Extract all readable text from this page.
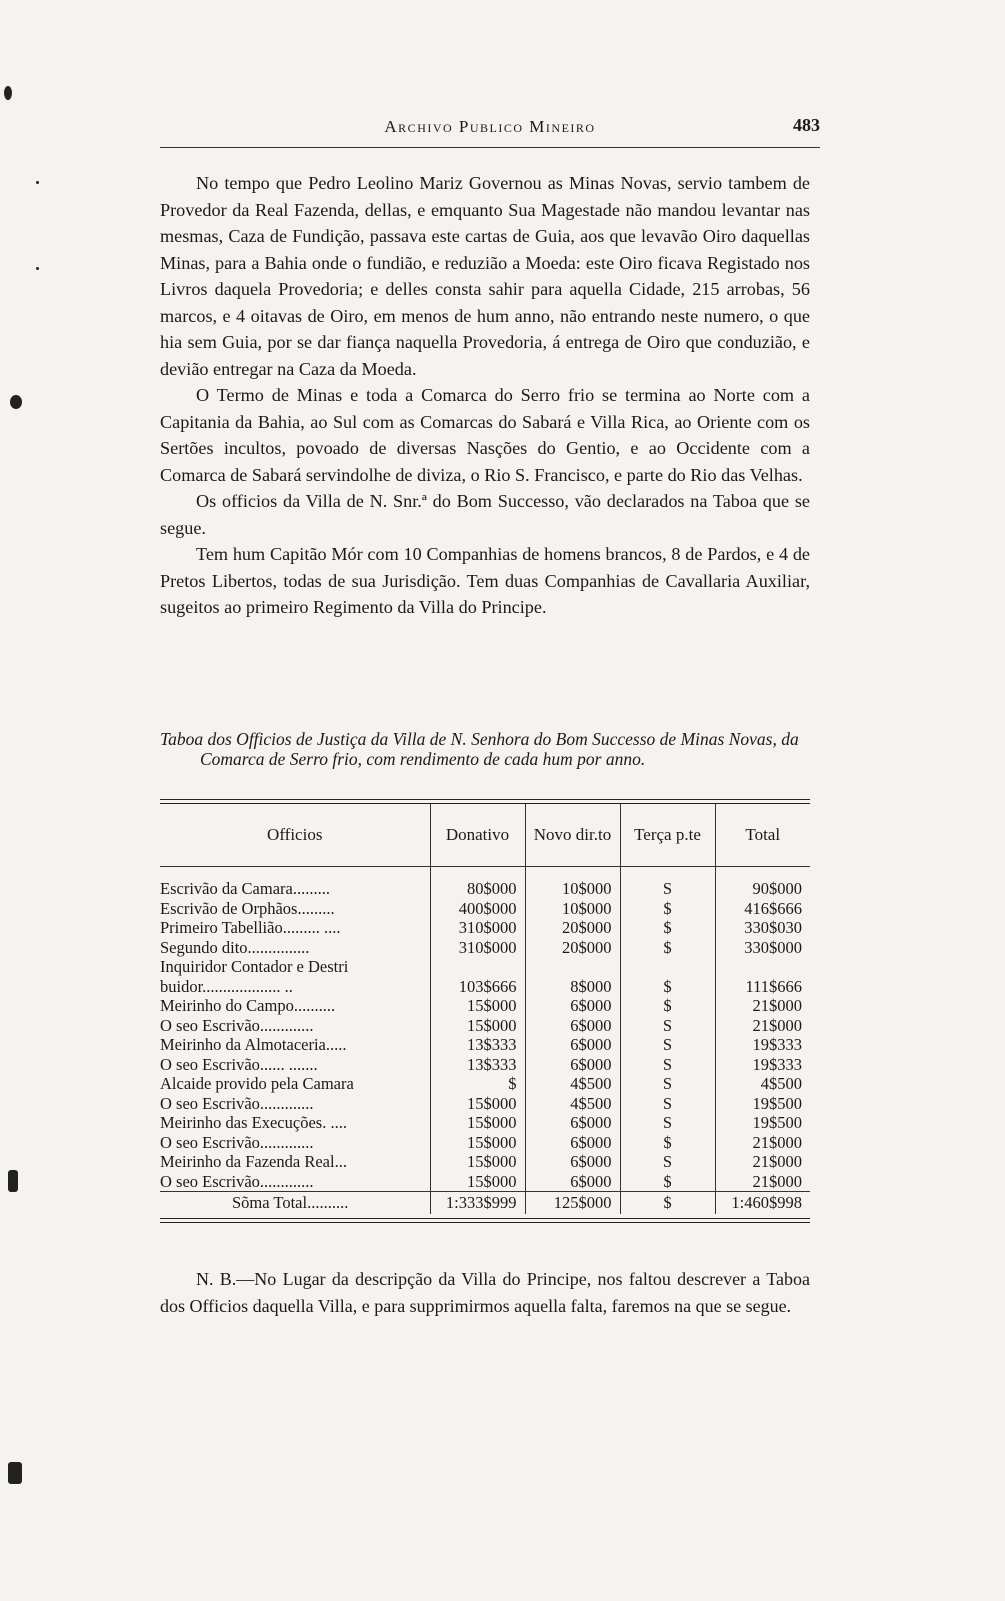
Archivo Publico Mineiro	483

No tempo que Pedro Leolino Mariz Governou as Minas Novas, servio tambem de Provedor da Real Fazenda, dellas, e emquanto Sua Magestade não mandou levantar nas mesmas, Caza de Fundição, passava este cartas de Guia, aos que levavão Oiro daquellas Minas, para a Bahia onde o fundião, e reduzião a Moeda: este Oiro ficava Registado nos Livros daquela Provedoria; e delles consta sahir para aquella Cidade, 215 arrobas, 56 marcos, e 4 oitavas de Oiro, em menos de hum anno, não entrando neste numero, o que hia sem Guia, por se dar fiança naquella Provedoria, á entrega de Oiro que conduzião, e devião entregar na Caza da Moeda.

O Termo de Minas e toda a Comarca do Serro frio se termina ao Norte com a Capitania da Bahia, ao Sul com as Comarcas do Sabará e Villa Rica, ao Oriente com os Sertões incultos, povoado de diversas Nasções do Gentio, e ao Occidente com a Comarca de Sabará servindolhe de diviza, o Rio S. Francisco, e parte do Rio das Velhas.

Os officios da Villa de N. Snr.ª do Bom Successo, vão declarados na Taboa que se segue.

Tem hum Capitão Mór com 10 Companhias de homens brancos, 8 de Pardos, e 4 de Pretos Libertos, todas de sua Jurisdição. Tem duas Companhias de Cavallaria Auxiliar, sugeitos ao primeiro Regimento da Villa do Principe.

Taboa dos Officios de Justiça da Villa de N. Senhora do Bom Successo de Minas Novas, da Comarca de Serro frio, com rendimento de cada hum por anno.
Officios	Donativo	Novo dir.to	Terça p.te	Total

Escrivão da Camara.........	80$000	10$000	S	90$000
Escrivão de Orphãos.........	400$000	10$000	$	416$666
Primeiro Tabellião......... ....	310$000	20$000	$	330$030
Segundo dito...............	310$000	20$000	$	330$000
Inquiridor Contador e Destri				
buidor................... ..	103$666	8$000	$	111$666
Meirinho do Campo..........	15$000	6$000	$	21$000
O seo Escrivão.............	15$000	6$000	S	21$000
Meirinho da Almotaceria.....	13$333	6$000	S	19$333
O seo Escrivão...... .......	13$333	6$000	S	19$333
Alcaide provido pela Camara	$	4$500	S	4$500
O seo Escrivão.............	15$000	4$500	S	19$500
Meirinho das Execuções. ....	15$000	6$000	S	19$500
O seo Escrivão.............	15$000	6$000	$	21$000
Meirinho da Fazenda Real...	15$000	6$000	S	21$000
O seo Escrivão.............	15$000	6$000	$	21$000

Sõma Total..........	1:333$999	125$000	$	1:460$998

N. B.—No Lugar da descripção da Villa do Principe, nos faltou descrever a Taboa dos Officios daquella Villa, e para supprimirmos aquella falta, faremos na que se segue.
